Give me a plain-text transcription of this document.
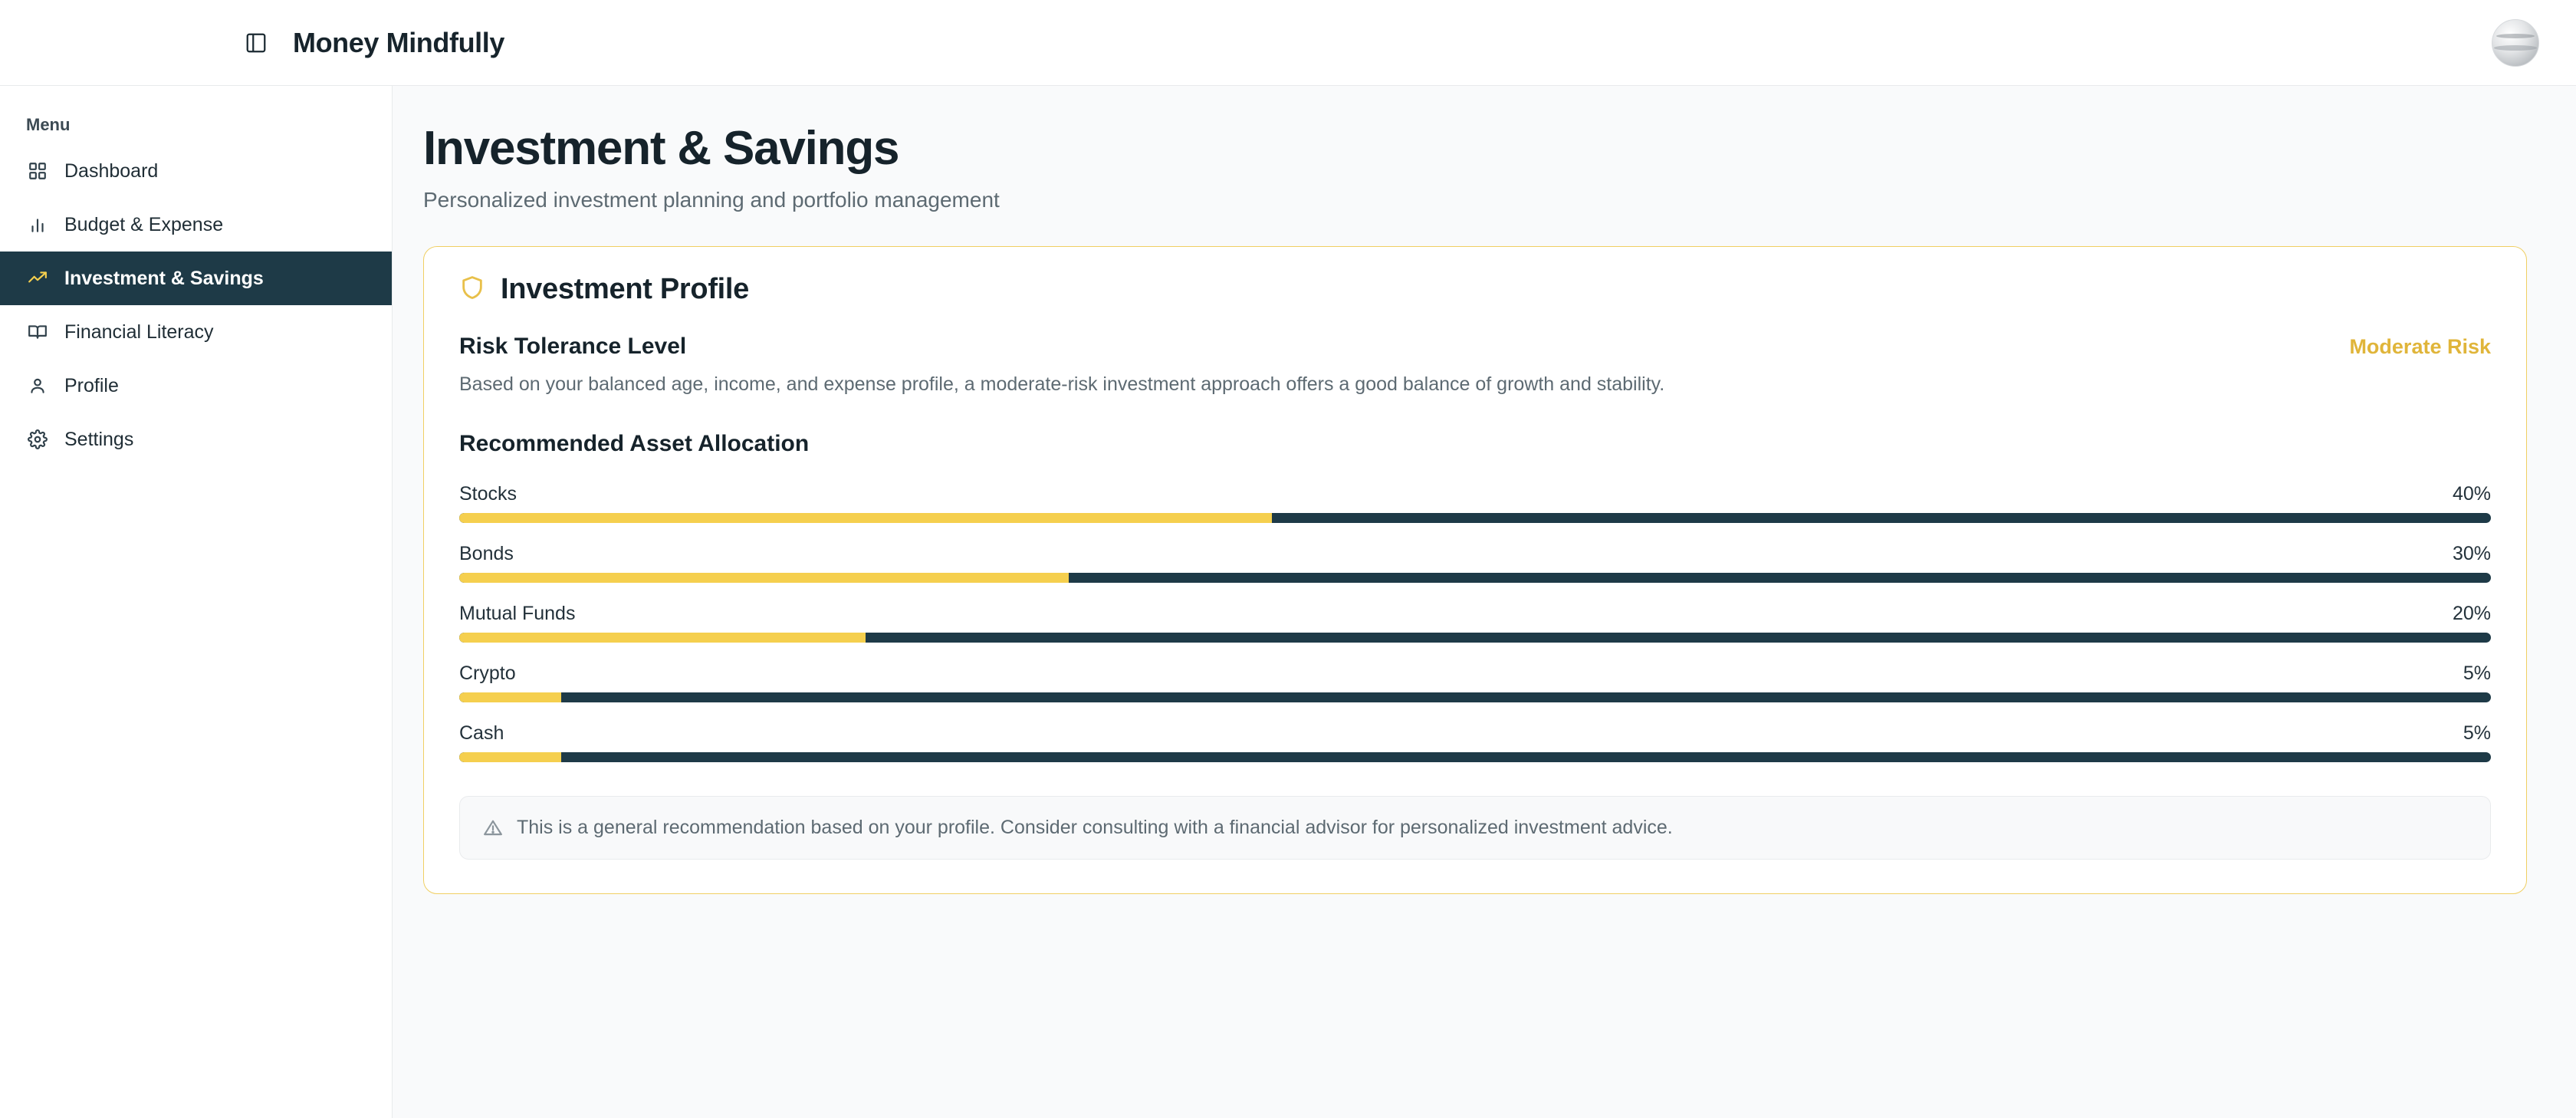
Money Mindfully
Menu
Dashboard
Budget & Expense
Investment & Savings
Financial Literacy
Profile
Settings
Investment & Savings
Personalized investment planning and portfolio management
Investment Profile
Risk Tolerance Level	Moderate Risk
Based on your balanced age, income, and expense profile, a moderate-risk investment approach offers a good balance of growth and stability.
Recommended Asset Allocation
Stocks	40%
Bonds	30%
Mutual Funds	20%
Crypto	5%
Cash	5%
This is a general recommendation based on your profile. Consider consulting with a financial advisor for personalized investment advice.
